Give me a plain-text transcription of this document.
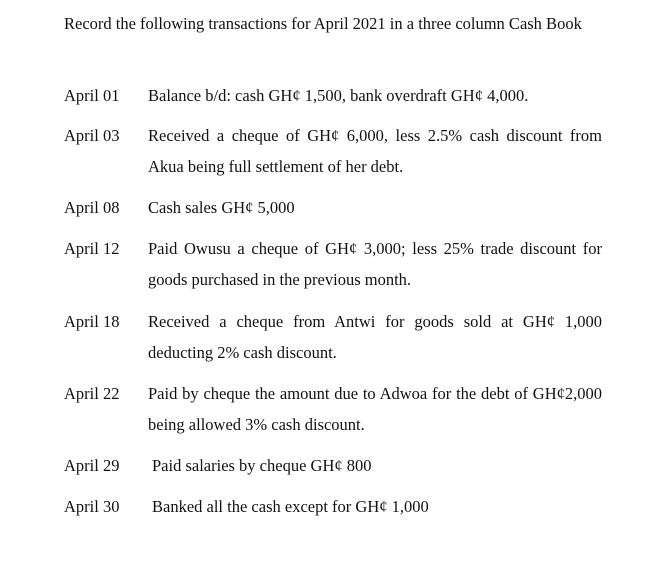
Record the following transactions for April 2021 in a three column Cash Book

April 01 Balance b/d: cash GH¢ 1,500, bank overdraft GH¢ 4,000.
April 03 Received a cheque of GH¢ 6,000, less 2.5% cash discount from Akua being full settlement of her debt.
April 08 Cash sales GH¢ 5,000
April 12 Paid Owusu a cheque of GH¢ 3,000; less 25% trade discount for goods purchased in the previous month.
April 18 Received a cheque from Antwi for goods sold at GH¢ 1,000 deducting 2% cash discount.
April 22 Paid by cheque the amount due to Adwoa for the debt of GH¢2,000 being allowed 3% cash discount.
April 29 Paid salaries by cheque GH¢ 800
April 30 Banked all the cash except for GH¢ 1,000
